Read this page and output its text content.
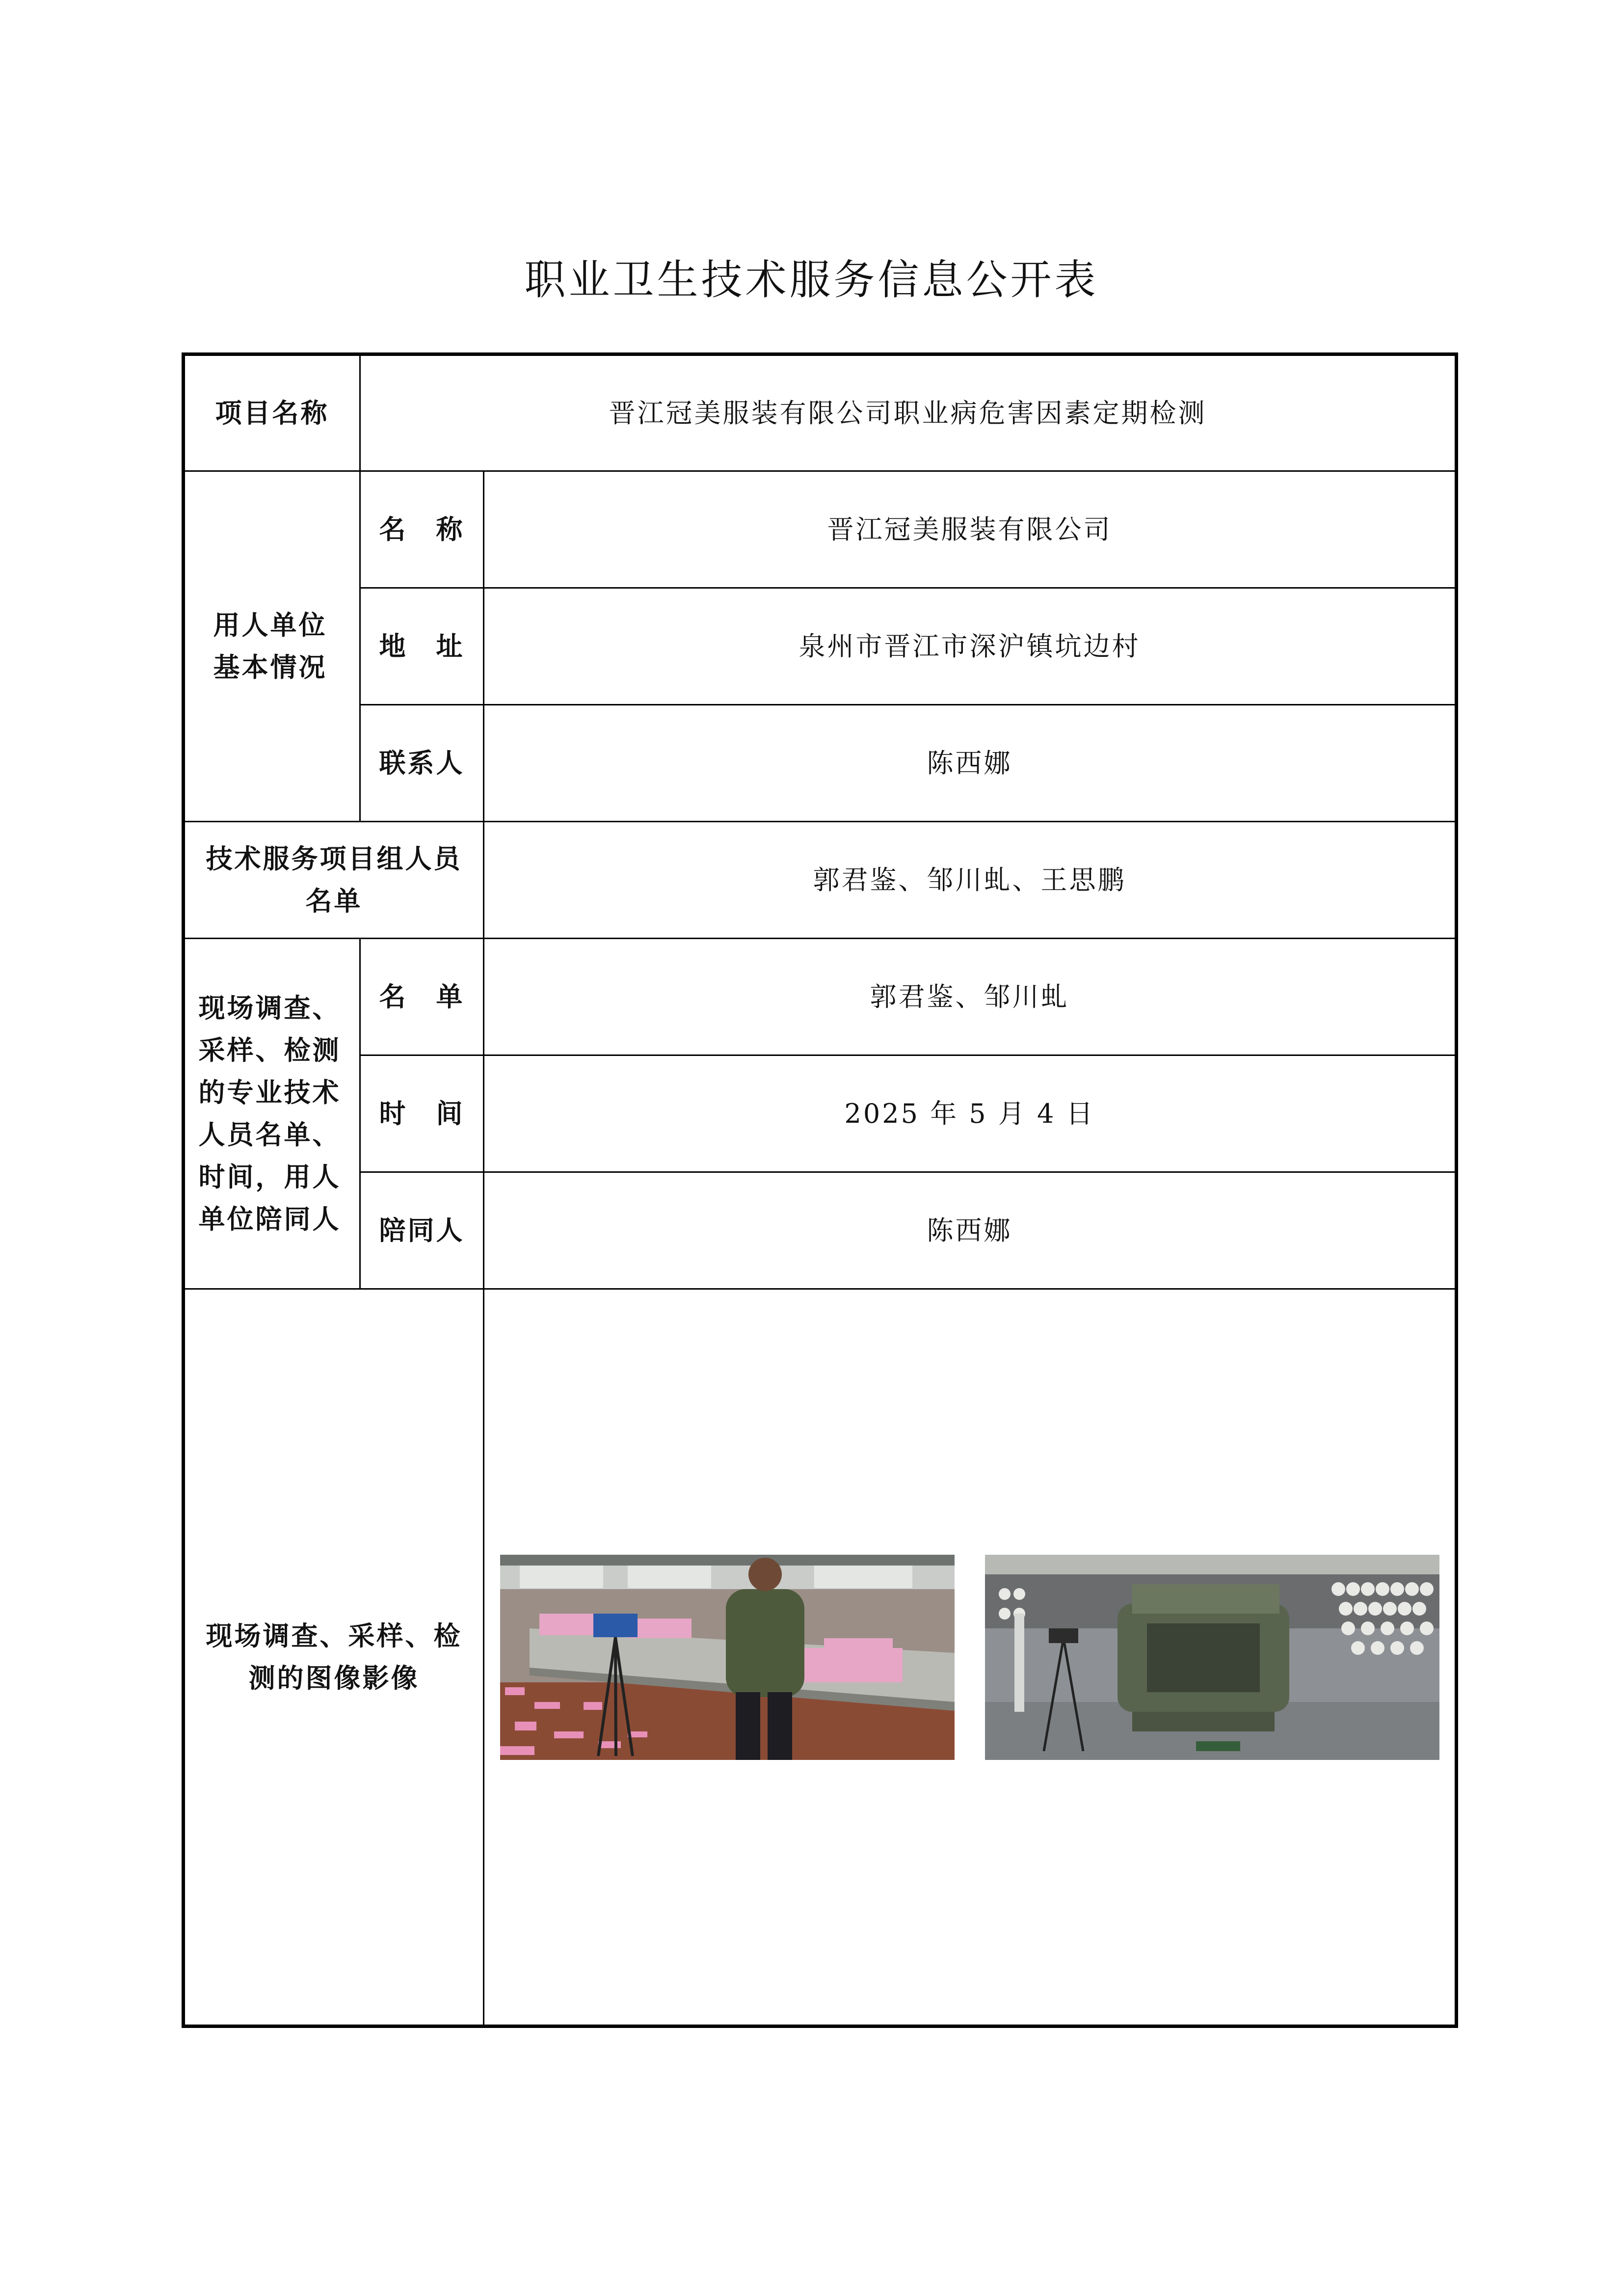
职业卫生技术服务信息公开表
项目名称	晋江冠美服装有限公司职业病危害因素定期检测	
用人单位基本情况	名　称	晋江冠美服装有限公司
	地　址	泉州市晋江市深沪镇坑边村
	联系人	陈西娜
技术服务项目组人员名单		郭君鉴、邹川虬、王思鹏
现场调查、采样、检测的专业技术人员名单、时间，用人单位陪同人	名　单	郭君鉴、邹川虬
	时　间	2025 年 5 月 4 日
	陪同人	陈西娜
现场调查、采样、检测的图像影像	
